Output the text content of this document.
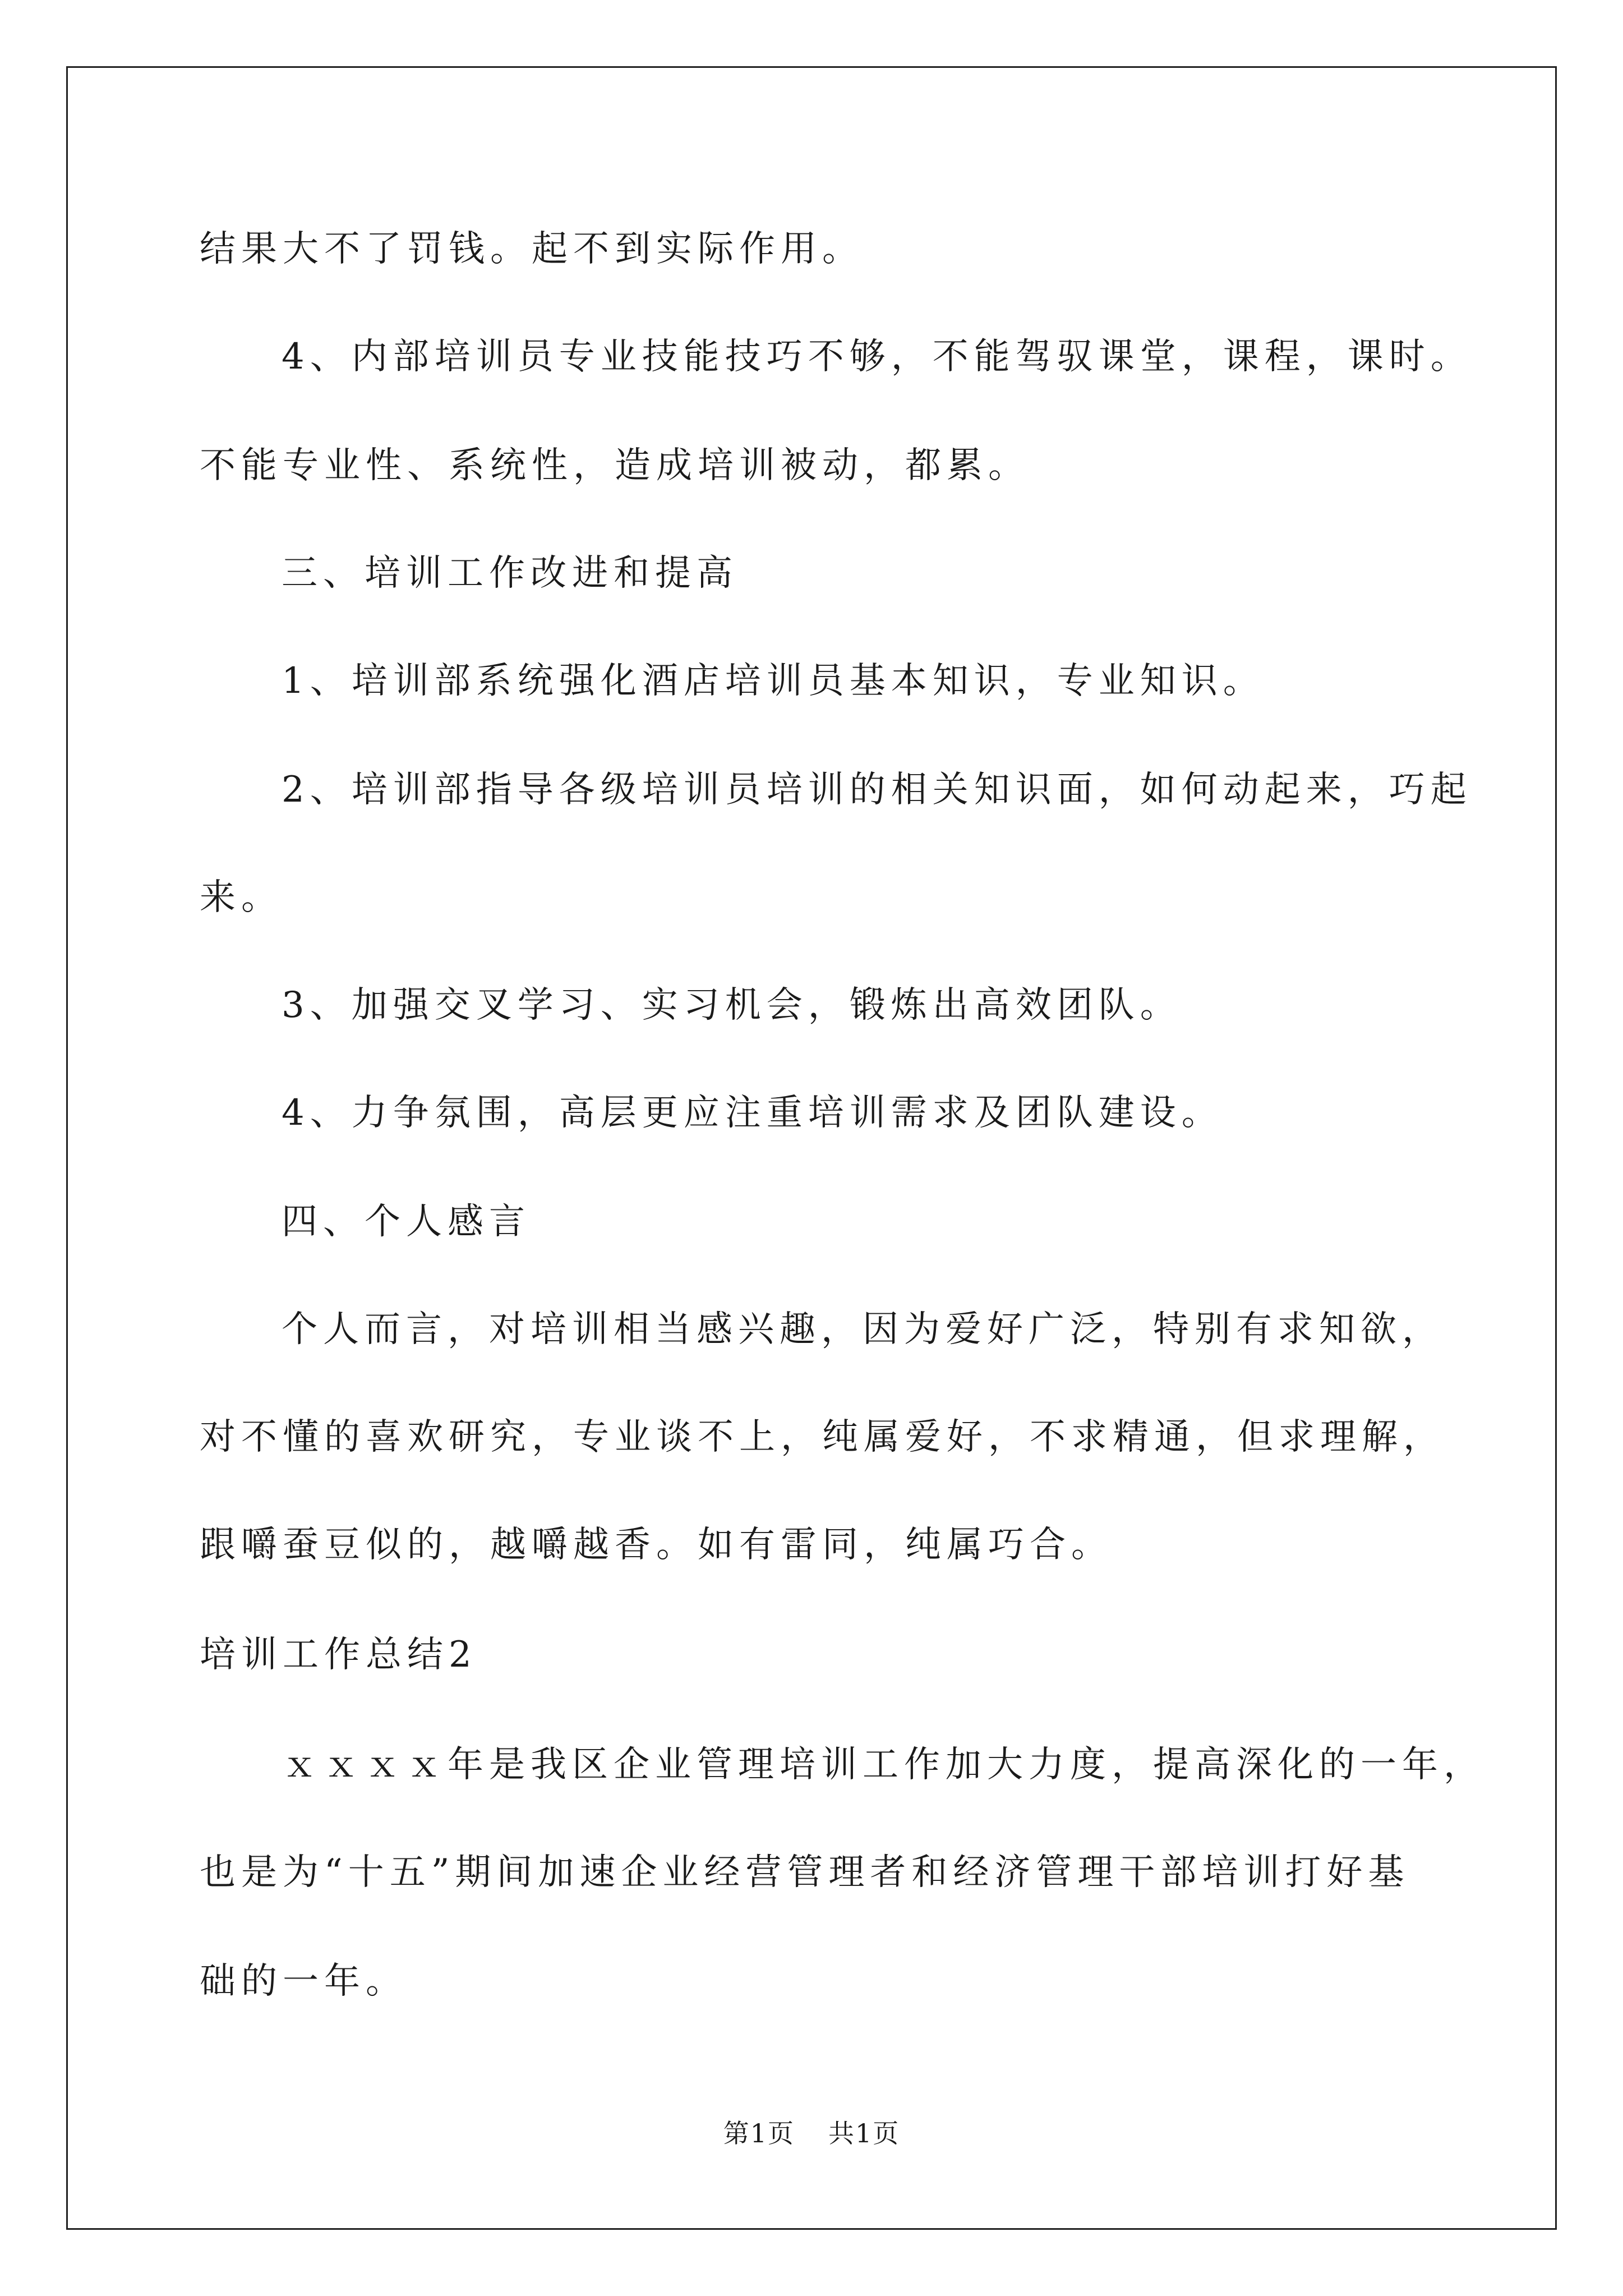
结果大不了罚钱。起不到实际作用。
4、内部培训员专业技能技巧不够，不能驾驭课堂，课程，课时。
不能专业性、系统性，造成培训被动，都累。
三、培训工作改进和提高
1、培训部系统强化酒店培训员基本知识，专业知识。
2、培训部指导各级培训员培训的相关知识面，如何动起来，巧起
来。
3、加强交叉学习、实习机会，锻炼出高效团队。
4、力争氛围，高层更应注重培训需求及团队建设。
四、个人感言
个人而言，对培训相当感兴趣，因为爱好广泛，特别有求知欲，
对不懂的喜欢研究，专业谈不上，纯属爱好，不求精通，但求理解，
跟嚼蚕豆似的，越嚼越香。如有雷同，纯属巧合。
培训工作总结2
ｘｘｘｘ年是我区企业管理培训工作加大力度，提高深化的一年，
也是为“十五”期间加速企业经营管理者和经济管理干部培训打好基
础的一年。
第1页 共1页
